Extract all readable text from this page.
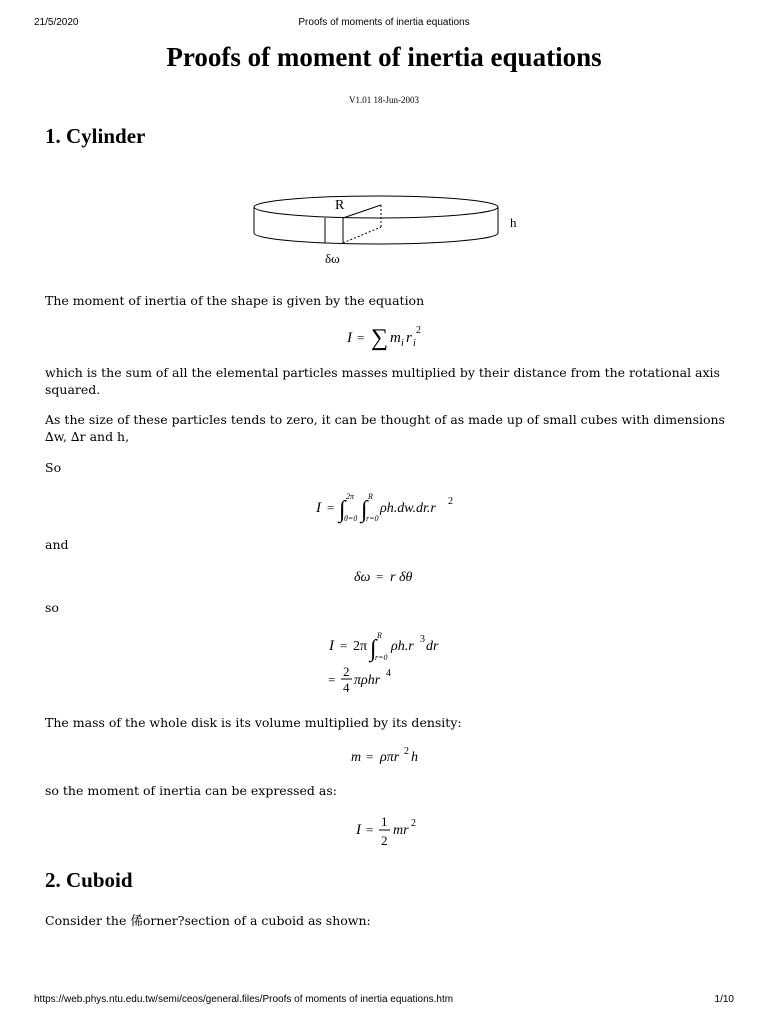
21/5/2020	Proofs of moments of inertia equations
Proofs of moment of inertia equations
V1.01 18-Jun-2003
1. Cylinder
R
h
δω
The moment of inertia of the shape is given by the equation
I = ∑ m i r i
2
which is the sum of all the elemental particles masses multiplied by their distance from the rotational axis squared.
As the size of these particles tends to zero, it can be thought of as made up of small cubes with dimensions ∆w, ∆r and h,
So
I = ∫
2π
θ=0 ∫
R
r=0
ρh.dw.dr.r 2
and
δω = r δθ
so
I = 2π ∫
R
r=0
ρh.r 3 dr
=
2
4 πρhr 4
The mass of the whole disk is its volume multiplied by its density:
m = ρπr 2 h
so the moment of inertia can be expressed as:
I =
1
2
mr 2
2. Cuboid
Consider the 俙orner?section of a cuboid as shown:
https://web.phys.ntu.edu.tw/semi/ceos/general.files/Proofs of moments of inertia equations.htm	1/10
